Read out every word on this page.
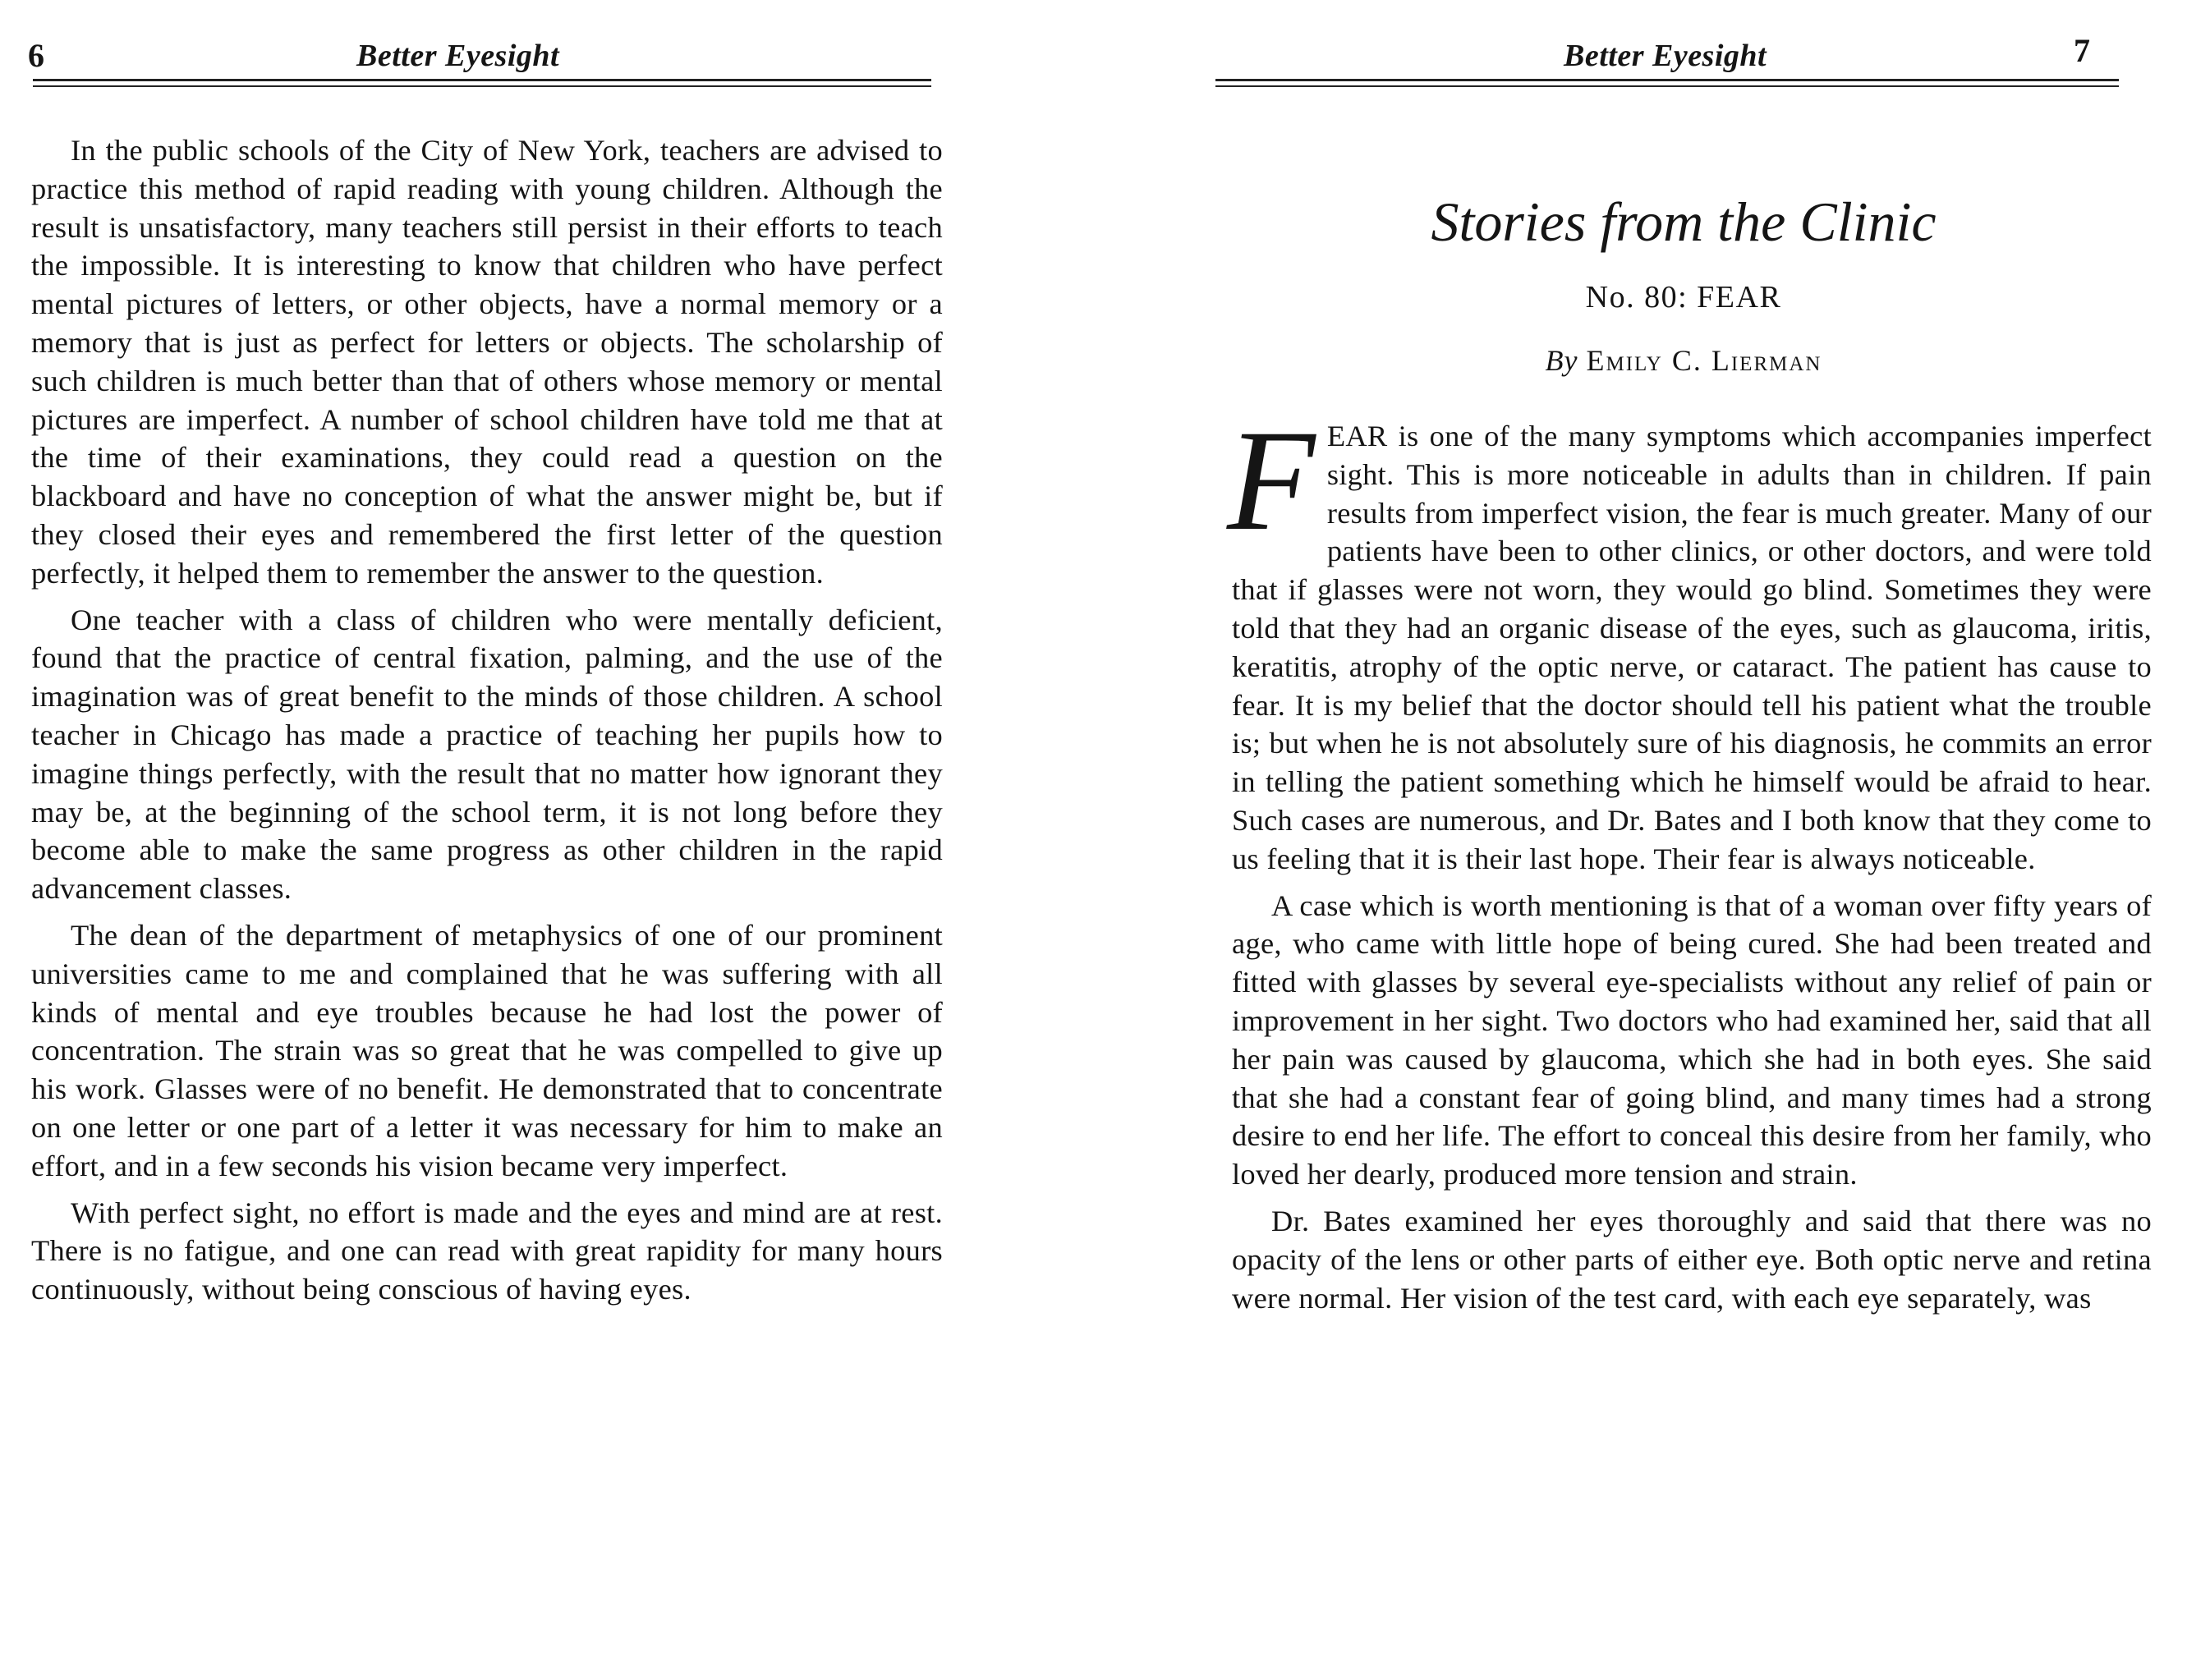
6	Better Eyesight

In the public schools of the City of New York, teachers are advised to practice this method of rapid reading with young children. Although the result is unsatisfactory, many teachers still persist in their efforts to teach the impossible. It is interesting to know that children who have perfect mental pictures of letters, or other objects, have a normal memory or a memory that is just as perfect for letters or objects. The scholarship of such children is much better than that of others whose memory or mental pictures are imperfect. A number of school children have told me that at the time of their examinations, they could read a question on the blackboard and have no conception of what the answer might be, but if they closed their eyes and remembered the first letter of the question perfectly, it helped them to remember the answer to the question.

One teacher with a class of children who were mentally deficient, found that the practice of central fixation, palming, and the use of the imagination was of great benefit to the minds of those children. A school teacher in Chicago has made a practice of teaching her pupils how to imagine things perfectly, with the result that no matter how ignorant they may be, at the beginning of the school term, it is not long before they become able to make the same progress as other children in the rapid advancement classes.

The dean of the department of metaphysics of one of our prominent universities came to me and complained that he was suffering with all kinds of mental and eye troubles because he had lost the power of concentration. The strain was so great that he was compelled to give up his work. Glasses were of no benefit. He demonstrated that to concentrate on one letter or one part of a letter it was necessary for him to make an effort, and in a few seconds his vision became very imperfect.

With perfect sight, no effort is made and the eyes and mind are at rest. There is no fatigue, and one can read with great rapidity for many hours continuously, without being conscious of having eyes.

Better Eyesight	7
Stories from the Clinic
No. 80: FEAR
By Emily C. Lierman

FEAR is one of the many symptoms which accompanies imperfect sight. This is more noticeable in adults than in children. If pain results from imperfect vision, the fear is much greater. Many of our patients have been to other clinics, or other doctors, and were told that if glasses were not worn, they would go blind. Sometimes they were told that they had an organic disease of the eyes, such as glaucoma, iritis, keratitis, atrophy of the optic nerve, or cataract. The patient has cause to fear. It is my belief that the doctor should tell his patient what the trouble is; but when he is not absolutely sure of his diagnosis, he commits an error in telling the patient something which he himself would be afraid to hear. Such cases are numerous, and Dr. Bates and I both know that they come to us feeling that it is their last hope. Their fear is always noticeable.

A case which is worth mentioning is that of a woman over fifty years of age, who came with little hope of being cured. She had been treated and fitted with glasses by several eye-specialists without any relief of pain or improvement in her sight. Two doctors who had examined her, said that all her pain was caused by glaucoma, which she had in both eyes. She said that she had a constant fear of going blind, and many times had a strong desire to end her life. The effort to conceal this desire from her family, who loved her dearly, produced more tension and strain.

Dr. Bates examined her eyes thoroughly and said that there was no opacity of the lens or other parts of either eye. Both optic nerve and retina were normal. Her vision of the test card, with each eye separately, was
